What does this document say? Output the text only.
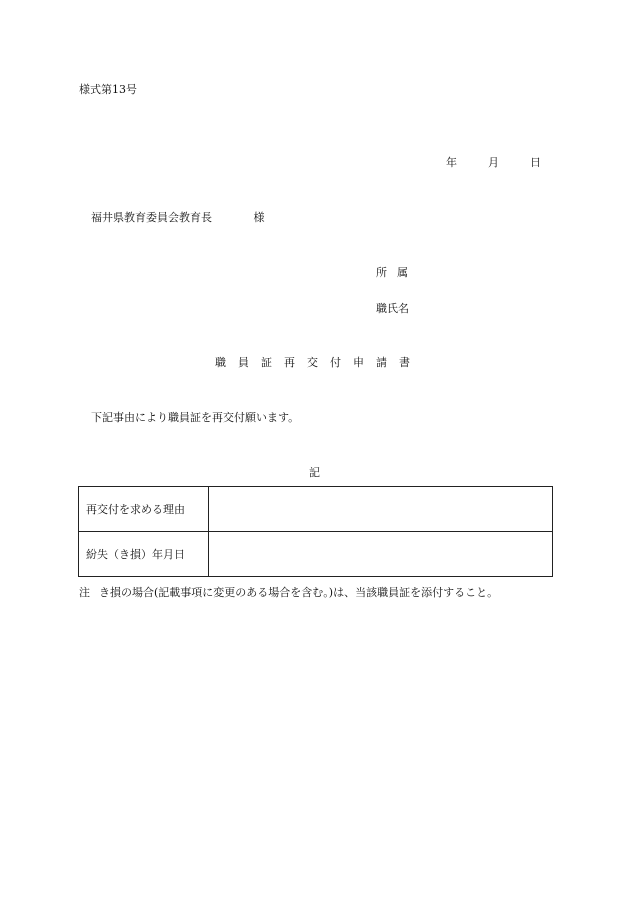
様式第13号
年	月	日
福井県教育委員会教育長	様
所属
職氏名
職員証再交付申請書
下記事由により職員証を再交付願います。
記
再交付を求める理由	
紛失（き損）年月日	
注 き損の場合(記載事項に変更のある場合を含む。)は、当該職員証を添付すること。
